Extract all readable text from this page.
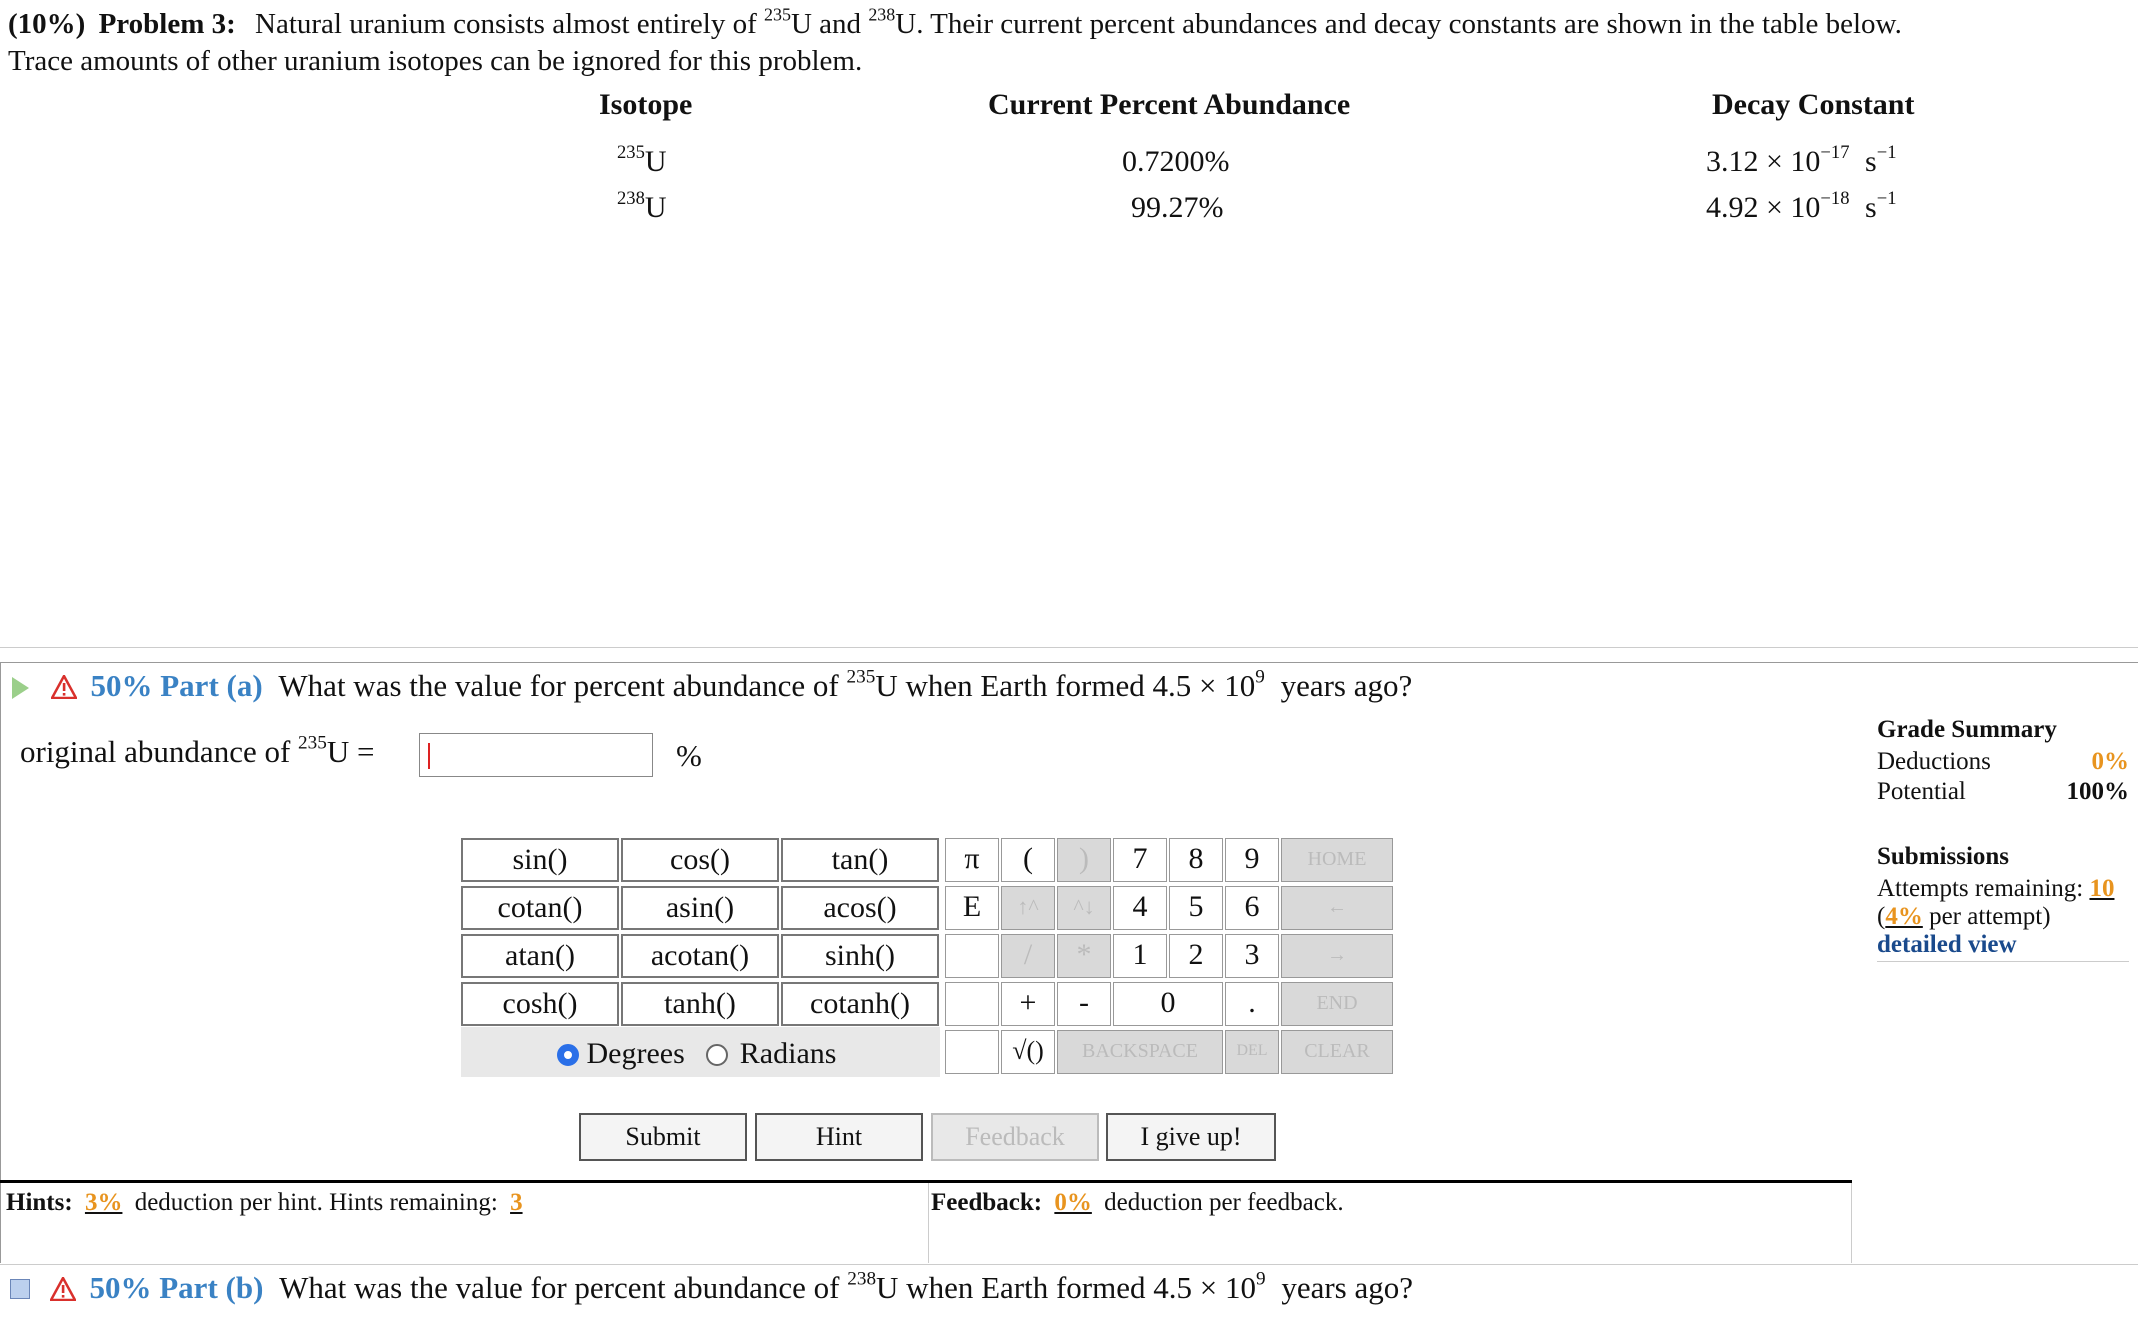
(10%) Problem 3: Natural uranium consists almost entirely of $^{235}$U and $^{238}$U. Their current percent abundances and decay constants are shown in the table below.
Trace amounts of other uranium isotopes can be ignored for this problem.
Isotope	Current Percent Abundance	Decay Constant
$^{235}$U	0.7200%	$3.12 \times 10^{-17}$ $s^{-1}$
$^{238}$U	99.27%	$4.92 \times 10^{-18}$ $s^{-1}$
50% Part (a) What was the value for percent abundance of $^{235}$U when Earth formed $4.5 \times 10^9$ years ago?
original abundance of $^{235}$U =	%
sin()	cos()	tan()
cotan()	asin()	acos()
atan()	acotan()	sinh()
cosh()	tanh()	cotanh()
Degrees Radians
π	(	)	7	8	9	HOME
E	↑^	^↓	4	5	6	←
/	*	1	2	3	→
+	-	0	.	END
√()	BACKSPACE	DEL	CLEAR
Submit	Hint	Feedback	I give up!
Hints: 3% deduction per hint. Hints remaining: 3	Feedback: 0% deduction per feedback.
Grade Summary
Deductions	0%
Potential	100%
Submissions
Attempts remaining: 10
(4% per attempt)
detailed view
50% Part (b) What was the value for percent abundance of $^{238}$U when Earth formed $4.5 \times 10^9$ years ago?
